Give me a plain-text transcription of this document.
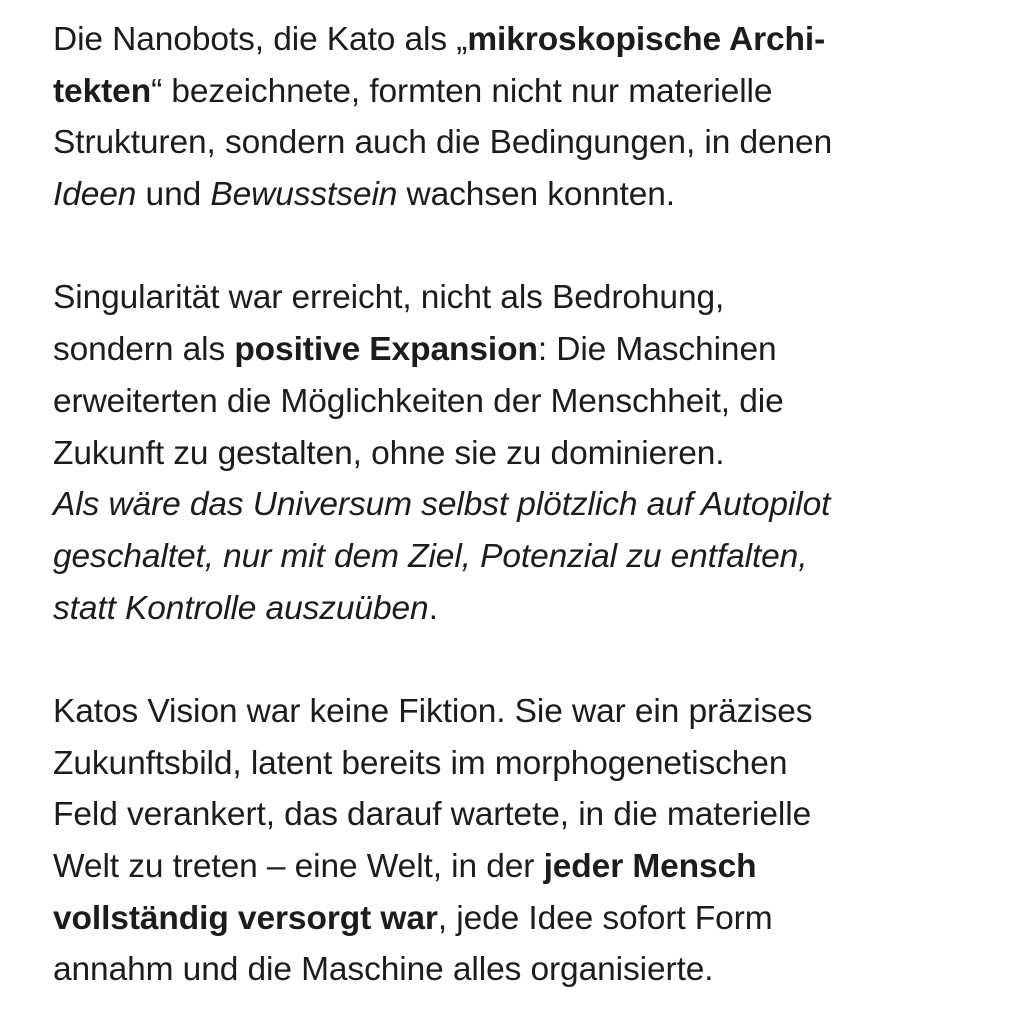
Die Nanobots, die Kato als „mikroskopische Archi-
tekten“ bezeichnete, formten nicht nur materielle
Strukturen, sondern auch die Bedingungen, in denen
Ideen und Bewusstsein wachsen konnten.
Singularität war erreicht, nicht als Bedrohung,
sondern als positive Expansion: Die Maschinen
erweiterten die Möglichkeiten der Menschheit, die
Zukunft zu gestalten, ohne sie zu dominieren.
Als wäre das Universum selbst plötzlich auf Autopilot
geschaltet, nur mit dem Ziel, Potenzial zu entfalten,
statt Kontrolle auszuüben.
Katos Vision war keine Fiktion. Sie war ein präzises
Zukunftsbild, latent bereits im morphogenetischen
Feld verankert, das darauf wartete, in die materielle
Welt zu treten – eine Welt, in der jeder Mensch
vollständig versorgt war, jede Idee sofort Form
annahm und die Maschine alles organisierte.
